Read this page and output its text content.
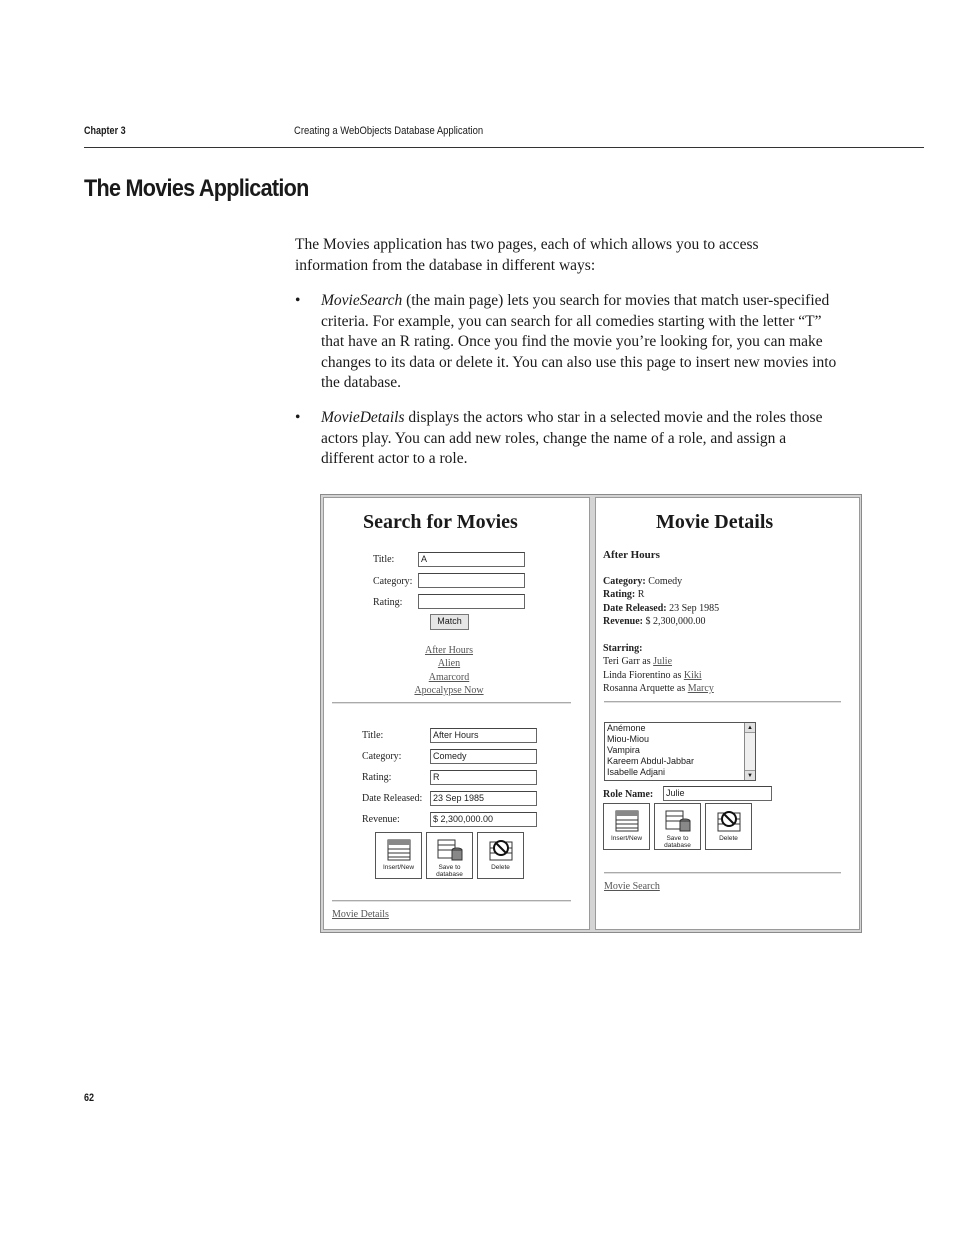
Chapter 3	Creating a WebObjects Database Application
The Movies Application

The Movies application has two pages, each of which allows you to access information from the database in different ways:

• MovieSearch (the main page) lets you search for movies that match user-specified criteria. For example, you can search for all comedies starting with the letter “T” that have an R rating. Once you find the movie you’re looking for, you can make changes to its data or delete it. You can also use this page to insert new movies into the database.

• MovieDetails displays the actors who star in a selected movie and the roles those actors play. You can add new roles, change the name of a role, and assign a different actor to a role.

Search for Movies
Title:	A
Category:
Rating:
Match
After Hours
Alien
Amarcord
Apocalypse Now
Title:	After Hours
Category:	Comedy
Rating:	R
Date Released:	23 Sep 1985
Revenue:	$ 2,300,000.00
Insert/New	Save to database
Delete
Movie Details
Movie Details
After Hours
Category: Comedy
Rating: R
Date Released: 23 Sep 1985
Revenue: $ 2,300,000.00
Starring:
Teri Garr as Julie
Linda Fiorentino as Kiki
Rosanna Arquette as Marcy
Anémone
Miou-Miou
Vampira
Kareem Abdul-Jabbar
Isabelle Adjani
▲
▼
Role Name:	Julie
Insert/New	Save to database
Delete
Movie Search
62
